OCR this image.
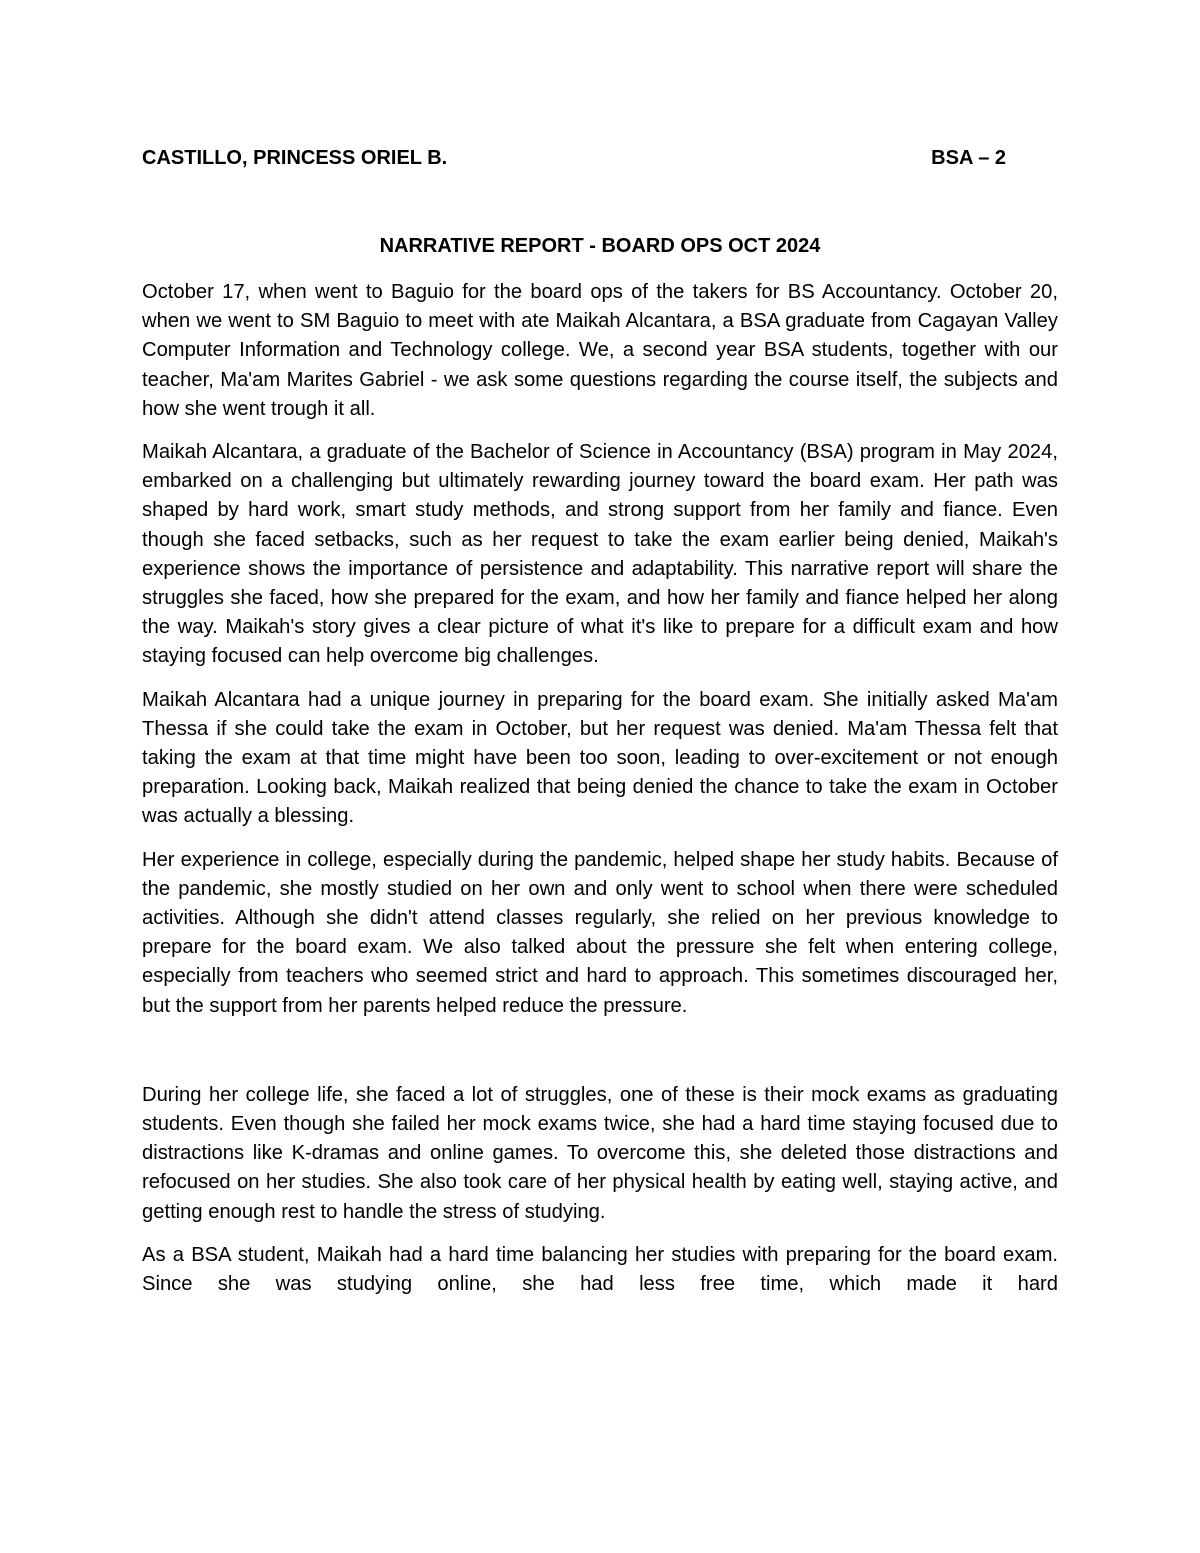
CASTILLO, PRINCESS ORIEL B.	BSA – 2
NARRATIVE REPORT - BOARD OPS OCT 2024

October 17, when went to Baguio for the board ops of the takers for BS Accountancy. October 20, when we went to SM Baguio to meet with ate Maikah Alcantara, a BSA graduate from Cagayan Valley Computer Information and Technology college. We, a second year BSA students, together with our teacher, Ma'am Marites Gabriel - we ask some questions regarding the course itself, the subjects and how she went trough it all.

Maikah Alcantara, a graduate of the Bachelor of Science in Accountancy (BSA) program in May 2024, embarked on a challenging but ultimately rewarding journey toward the board exam. Her path was shaped by hard work, smart study methods, and strong support from her family and fiance. Even though she faced setbacks, such as her request to take the exam earlier being denied, Maikah's experience shows the importance of persistence and adaptability. This narrative report will share the struggles she faced, how she prepared for the exam, and how her family and fiance helped her along the way. Maikah's story gives a clear picture of what it's like to prepare for a difficult exam and how staying focused can help overcome big challenges.

Maikah Alcantara had a unique journey in preparing for the board exam. She initially asked Ma'am Thessa if she could take the exam in October, but her request was denied. Ma'am Thessa felt that taking the exam at that time might have been too soon, leading to over-excitement or not enough preparation. Looking back, Maikah realized that being denied the chance to take the exam in October was actually a blessing.

Her experience in college, especially during the pandemic, helped shape her study habits. Because of the pandemic, she mostly studied on her own and only went to school when there were scheduled activities. Although she didn't attend classes regularly, she relied on her previous knowledge to prepare for the board exam. We also talked about the pressure she felt when entering college, especially from teachers who seemed strict and hard to approach. This sometimes discouraged her, but the support from her parents helped reduce the pressure.

During her college life, she faced a lot of struggles, one of these is their mock exams as graduating students. Even though she failed her mock exams twice, she had a hard time staying focused due to distractions like K-dramas and online games. To overcome this, she deleted those distractions and refocused on her studies. She also took care of her physical health by eating well, staying active, and getting enough rest to handle the stress of studying.

As a BSA student, Maikah had a hard time balancing her studies with preparing for the board exam. Since she was studying online, she had less free time, which made it hard
